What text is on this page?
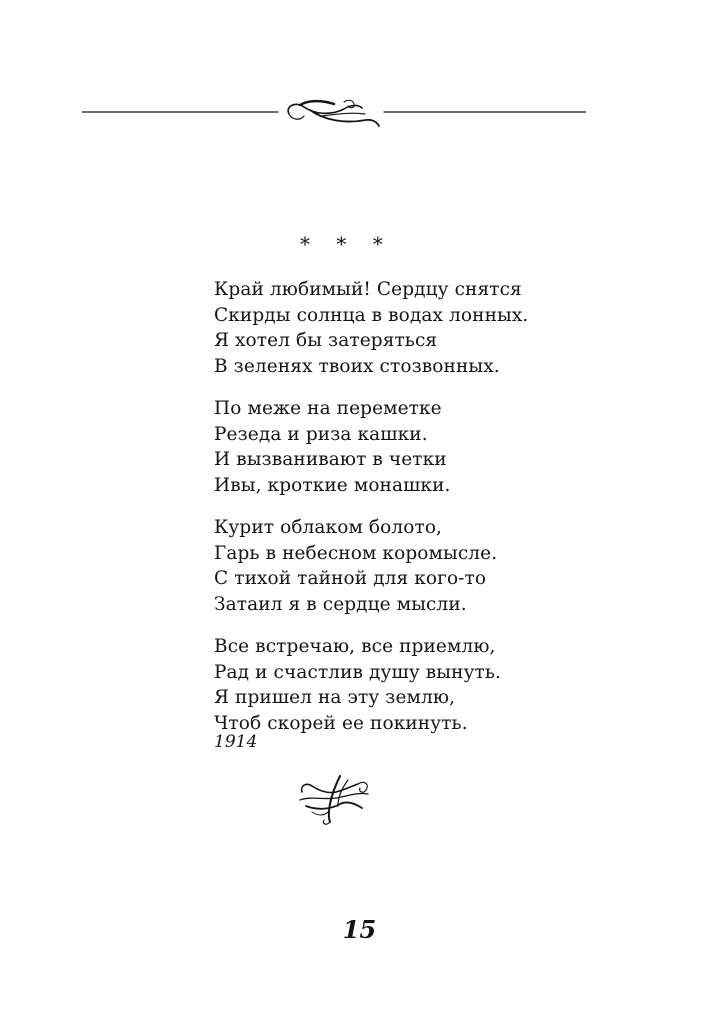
* * *
Край любимый! Сердцу снятся
Скирды солнца в водах лонных.
Я хотел бы затеряться
В зеленях твоих стозвонных.
По меже на переметке
Резеда и риза кашки.
И вызванивают в четки
Ивы, кроткие монашки.
Курит облаком болото,
Гарь в небесном коромысле.
С тихой тайной для кого-то
Затаил я в сердце мысли.
Все встречаю, все приемлю,
Рад и счастлив душу вынуть.
Я пришел на эту землю,
Чтоб скорей ее покинуть.
1914
15
